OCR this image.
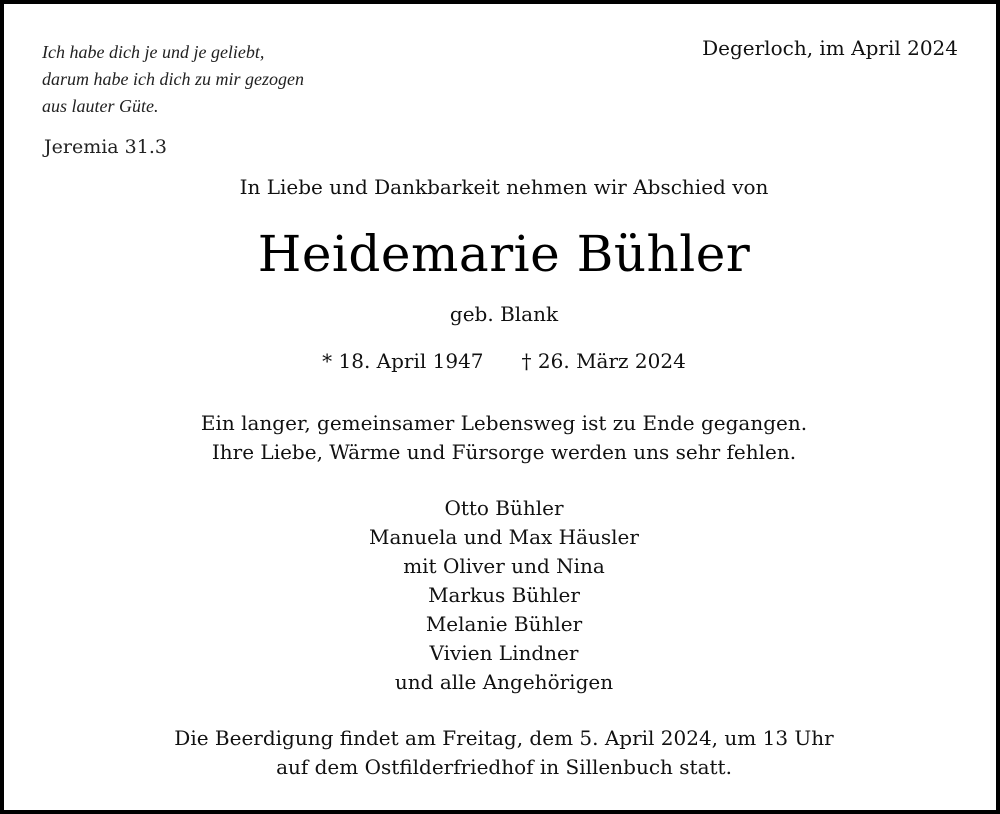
Ich habe dich je und je geliebt,
darum habe ich dich zu mir gezogen
aus lauter Güte.
Jeremia 31.3
Degerloch, im April 2024
In Liebe und Dankbarkeit nehmen wir Abschied von
Heidemarie Bühler
geb. Blank
* 18. April 1947 † 26. März 2024
Ein langer, gemeinsamer Lebensweg ist zu Ende gegangen.
Ihre Liebe, Wärme und Fürsorge werden uns sehr fehlen.
Otto Bühler
Manuela und Max Häusler
mit Oliver und Nina
Markus Bühler
Melanie Bühler
Vivien Lindner
und alle Angehörigen
Die Beerdigung findet am Freitag, dem 5. April 2024, um 13 Uhr
auf dem Ostfilderfriedhof in Sillenbuch statt.
